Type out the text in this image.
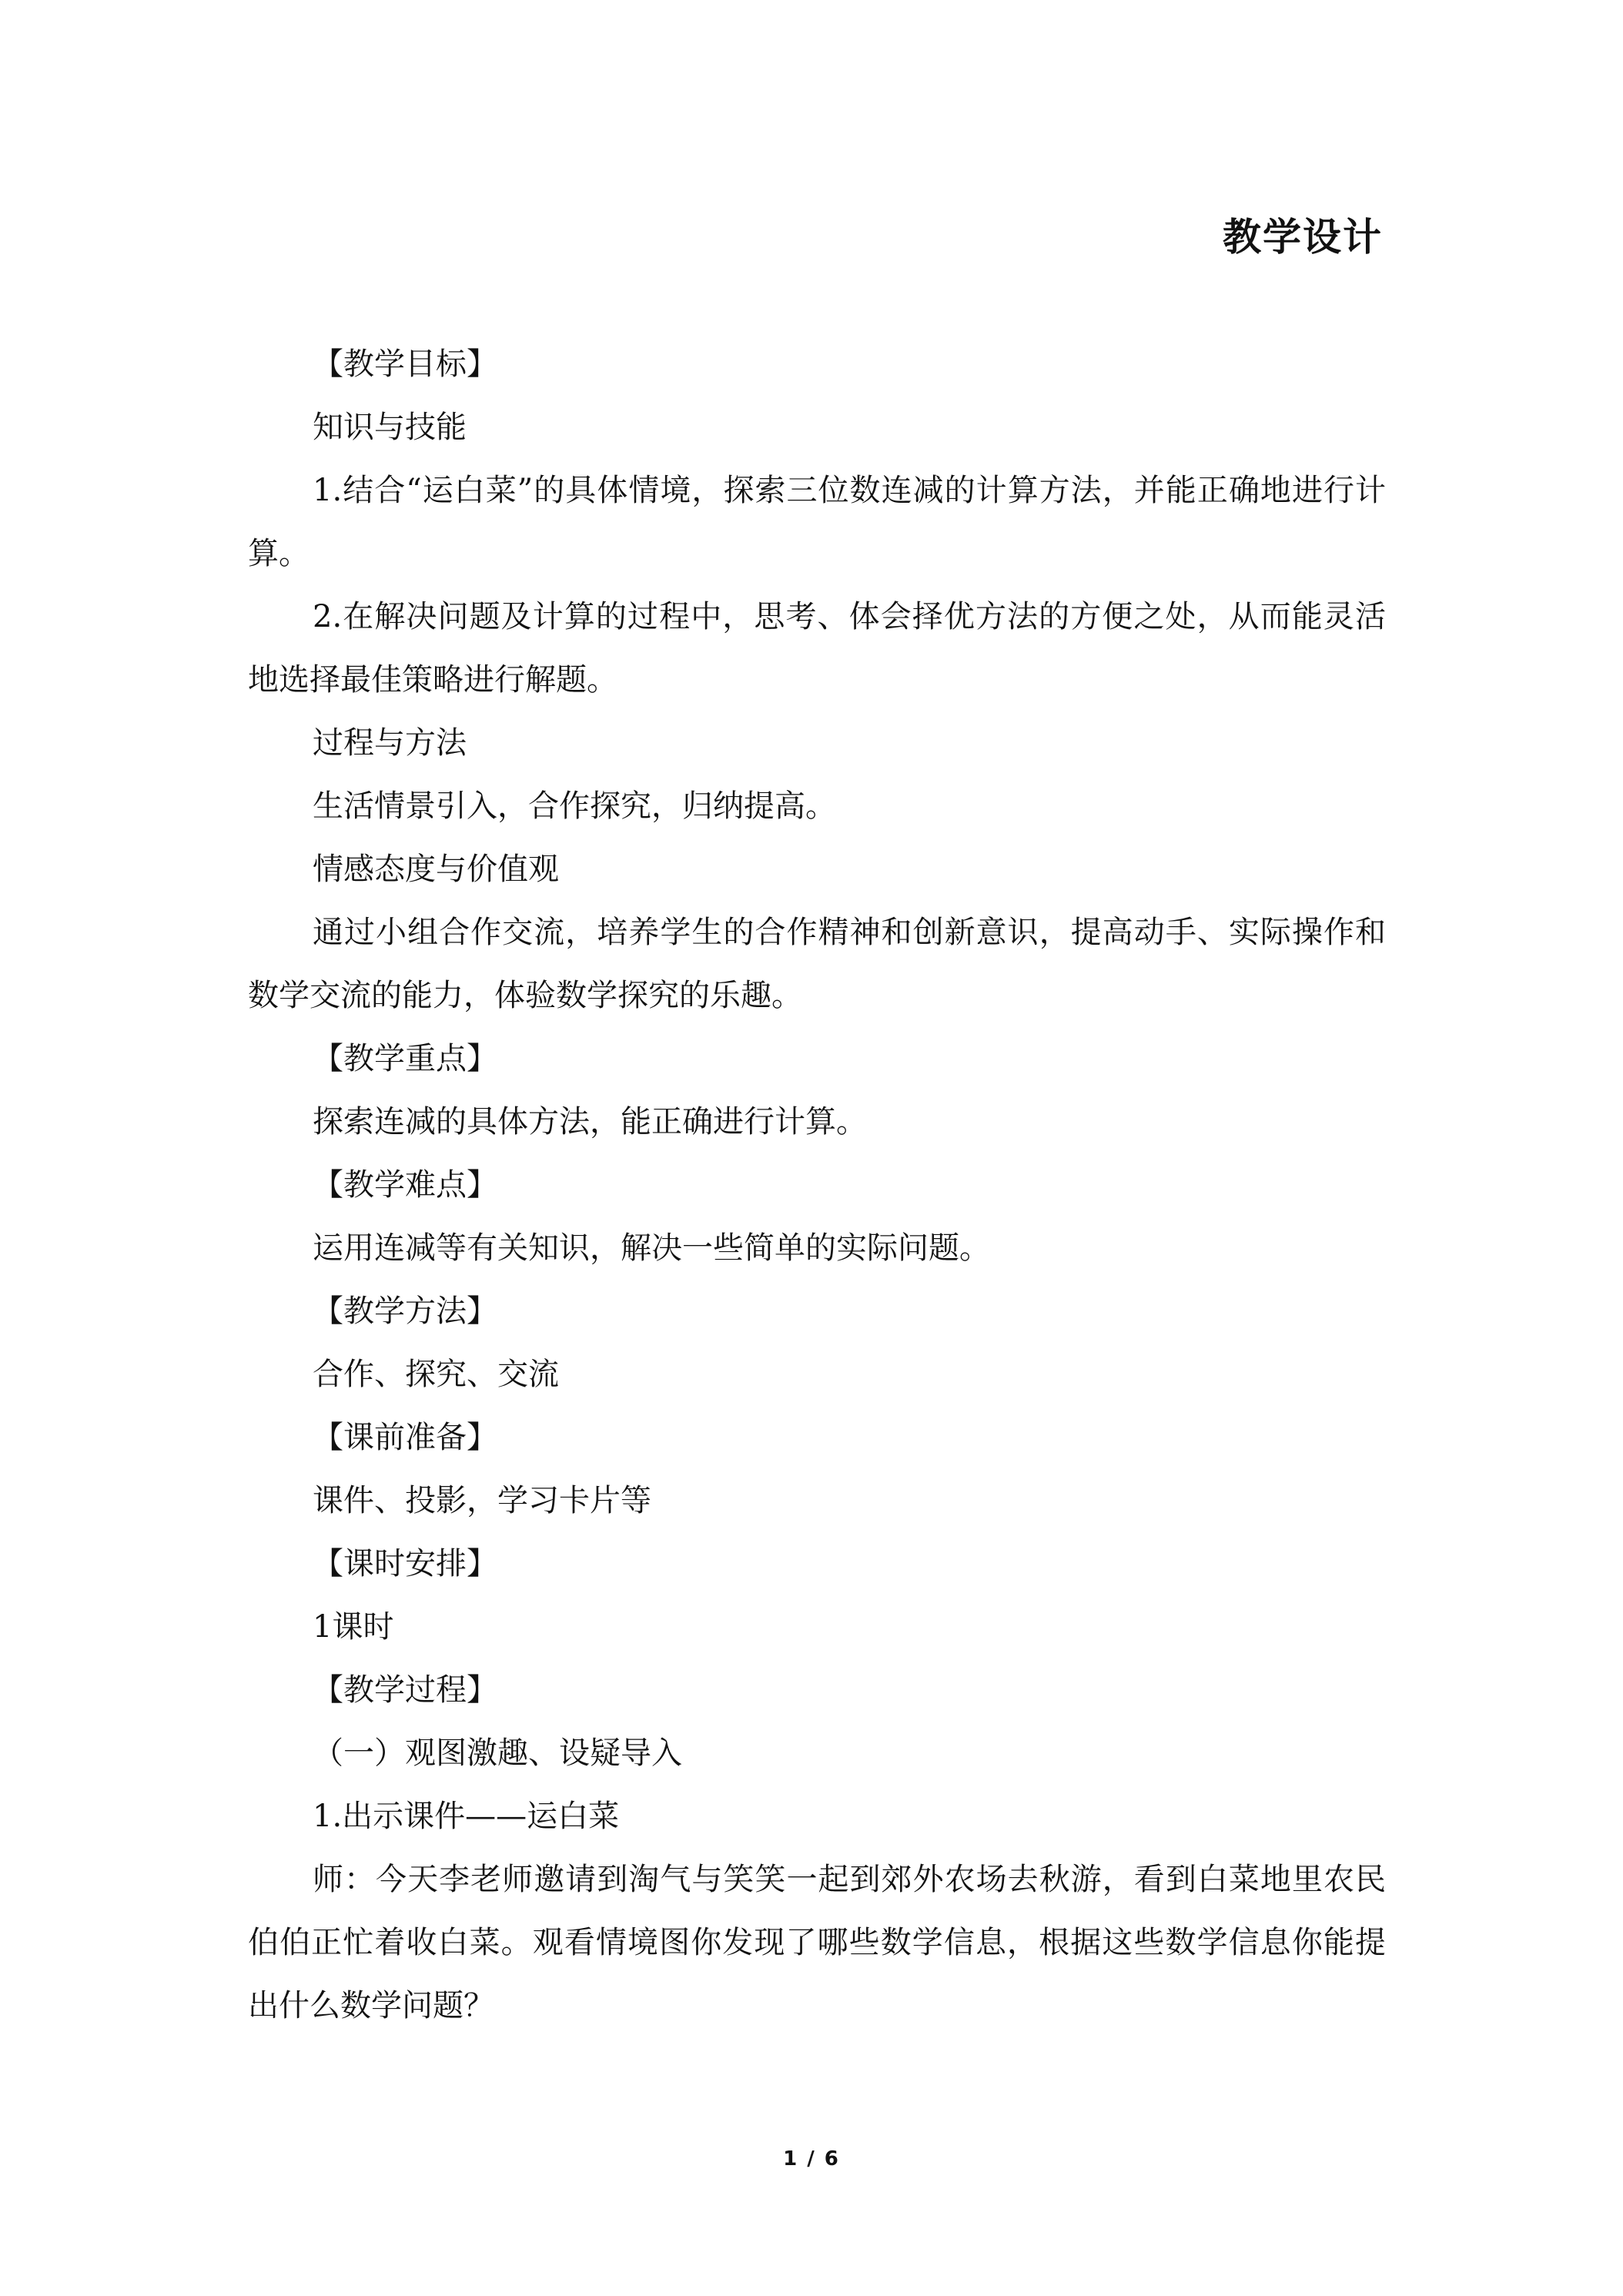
教学设计

【教学目标】

知识与技能

1.结合“运白菜”的具体情境，探索三位数连减的计算方法，并能正确地进行计算。

2.在解决问题及计算的过程中，思考、体会择优方法的方便之处，从而能灵活地选择最佳策略进行解题。

过程与方法

生活情景引入，合作探究，归纳提高。

情感态度与价值观

通过小组合作交流，培养学生的合作精神和创新意识，提高动手、实际操作和数学交流的能力，体验数学探究的乐趣。

【教学重点】

探索连减的具体方法，能正确进行计算。

【教学难点】

运用连减等有关知识，解决一些简单的实际问题。

【教学方法】

合作、探究、交流

【课前准备】

课件、投影，学习卡片等

【课时安排】

1课时

【教学过程】

（一）观图激趣、设疑导入

1.出示课件——运白菜

师：今天李老师邀请到淘气与笑笑一起到郊外农场去秋游，看到白菜地里农民伯伯正忙着收白菜。观看情境图你发现了哪些数学信息，根据这些数学信息你能提出什么数学问题？

1 / 6
